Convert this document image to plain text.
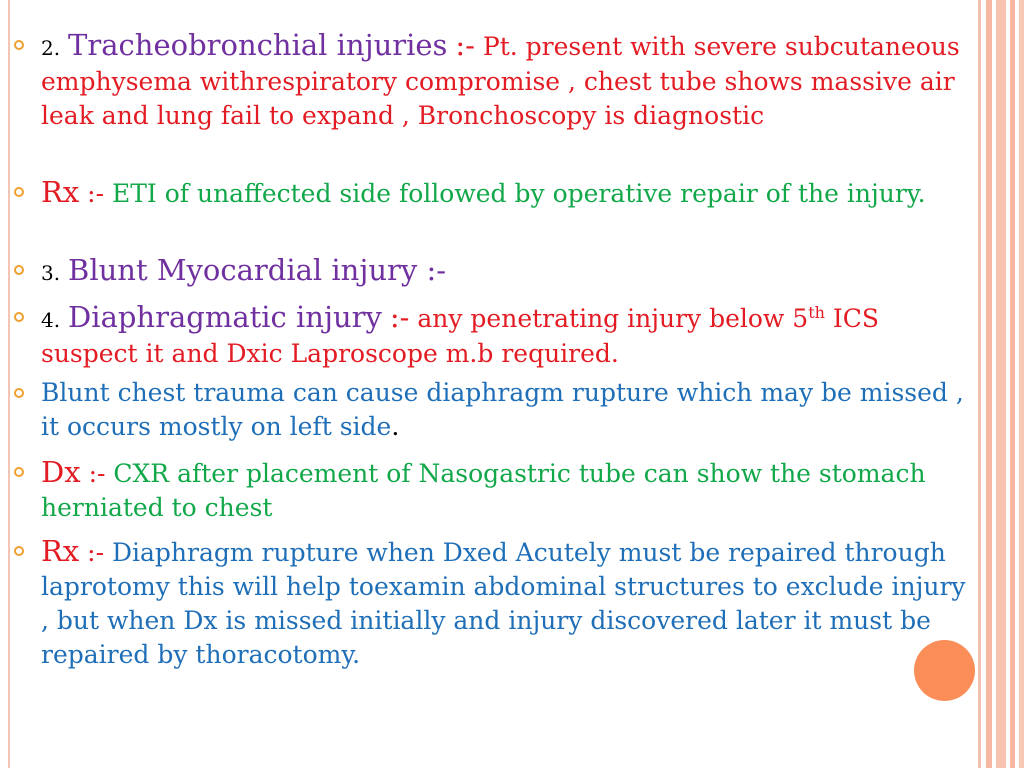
2. Tracheobronchial injuries :- Pt. present with severe subcutaneous emphysema withrespiratory compromise , chest tube shows massive air leak and lung fail to expand , Bronchoscopy is diagnostic
Rx :- ETI of unaffected side followed by operative repair of the injury.
3. Blunt Myocardial injury :-
4. Diaphragmatic injury :- any penetrating injury below 5th ICS suspect it and Dxic Laproscope m.b required.
Blunt chest trauma can cause diaphragm rupture which may be missed , it occurs mostly on left side.
Dx :- CXR after placement of Nasogastric tube can show the stomach herniated to chest
Rx :- Diaphragm rupture when Dxed Acutely must be repaired through laprotomy this will help toexamin abdominal structures to exclude injury , but when Dx is missed initially and injury discovered later it must be repaired by thoracotomy.
